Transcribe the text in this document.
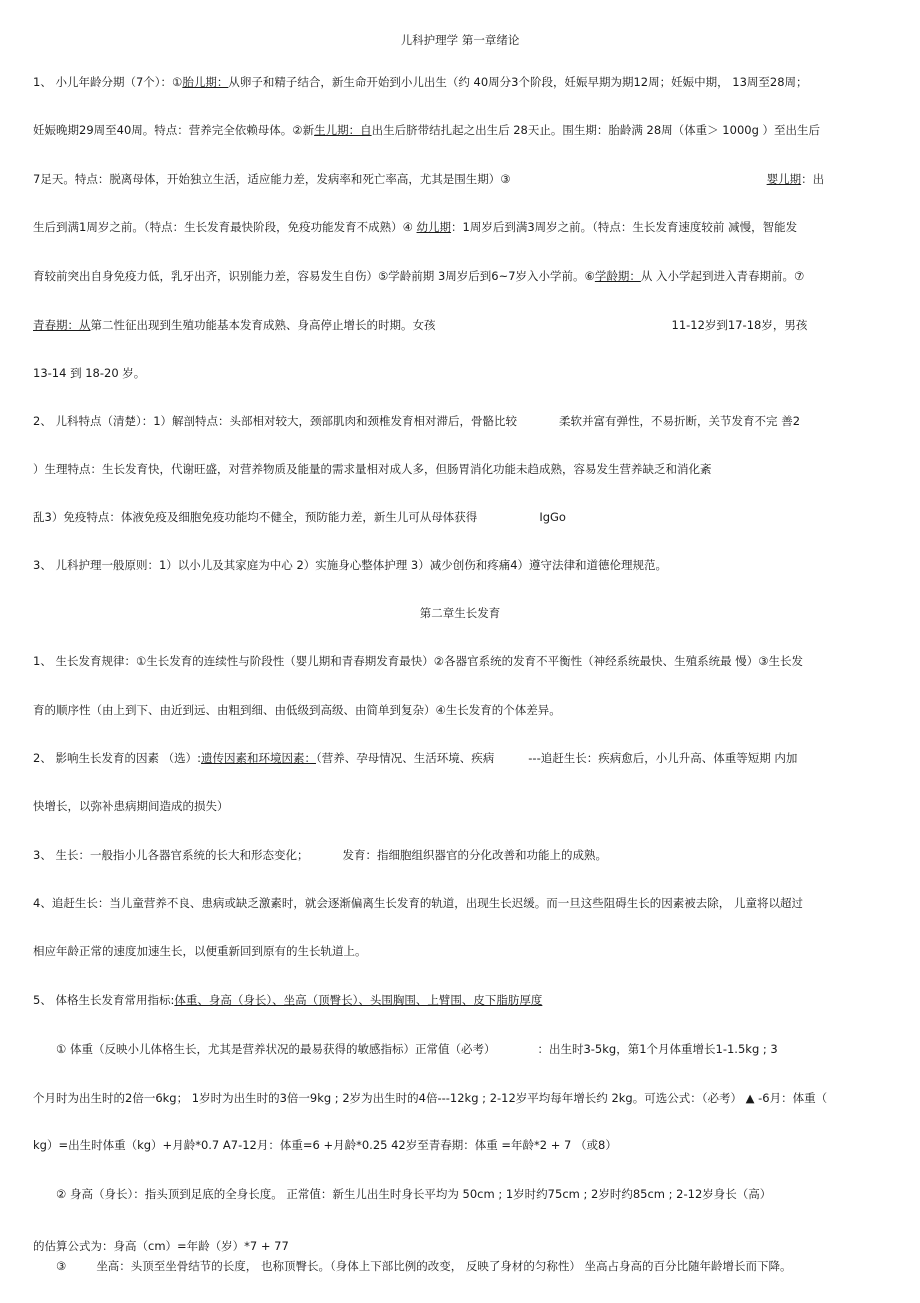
儿科护理学 第一章绪论
1、 小儿年龄分期（7个）：①胎儿期：从卵子和精子结合，新生命开始到小儿出生（约 40周分3个阶段，妊娠早期为期12周；妊娠中期， 13周至28周；
妊娠晚期29周至40周。特点：营养完全依赖母体。②新生儿期：自出生后脐带结扎起之出生后 28天止。围生期：胎龄满 28周（体重＞ 1000g ）至出生后
7足天。特点：脱离母体，开始独立生活，适应能力差，发病率和死亡率高，尤其是围生期）③	婴儿期：出
生后到满1周岁之前。（特点：生长发育最快阶段，免疫功能发育不成熟）④ 幼儿期：1周岁后到满3周岁之前。（特点：生长发育速度较前 减慢，智能发
育较前突出自身免疫力低，乳牙出齐，识别能力差，容易发生自伤）⑤学龄前期 3周岁后到6~7岁入小学前。⑥学龄期：从 入小学起到进入青春期前。⑦
青春期：从第二性征出现到生殖功能基本发育成熟、身高停止增长的时期。女孩	11-12岁到17-18岁，男孩
13-14 到 18-20 岁。
2、 儿科特点（清楚）：1）解剖特点：头部相对较大，颈部肌肉和颈椎发育相对滞后，骨骼比较	柔软并富有弹性，不易折断，关节发育不完 善2
）生理特点：生长发育快，代谢旺盛，对营养物质及能量的需求量相对成人多，但肠胃消化功能未趋成熟，容易发生营养缺乏和消化紊
乱3）免疫特点：体液免疫及细胞免疫功能均不健全，预防能力差，新生儿可从母体获得	IgGo
3、 儿科护理一般原则：1）以小儿及其家庭为中心 2）实施身心整体护理 3）减少创伤和疼痛4）遵守法律和道德伦理规范。
第二章生长发育
1、 生长发育规律：①生长发育的连续性与阶段性（婴儿期和青春期发育最快）②各器官系统的发育不平衡性（神经系统最快、生殖系统最 慢）③生长发
育的顺序性（由上到下、由近到远、由粗到细、由低级到高级、由简单到复杂）④生长发育的个体差异。
2、 影响生长发育的因素 （选）:遗传因素和环境因素：（营养、孕母情况、生活环境、疾病	---追赶生长：疾病愈后，小儿升高、体重等短期 内加
快增长，以弥补患病期间造成的损失）
3、 生长：一般指小儿各器官系统的长大和形态变化；	发育：指细胞组织器官的分化改善和功能上的成熟。
4、追赶生长：当儿童营养不良、患病或缺乏激素时，就会逐渐偏离生长发育的轨道，出现生长迟缓。而一旦这些阻碍生长的因素被去除， 儿童将以超过
相应年龄正常的速度加速生长，以便重新回到原有的生长轨道上。
5、 体格生长发育常用指标:体重、身高（身长）、坐高（顶臀长）、头围胸围、上臂围、皮下脂肪厚度
① 体重（反映小儿体格生长，尤其是营养状况的最易获得的敏感指标）正常值（必考）	：出生时3-5kg，第1个月体重增长1-1.5kg ; 3
个月时为出生时的2倍一6kg； 1岁时为出生时的3倍一9kg ; 2岁为出生时的4倍---12kg ; 2-12岁平均每年增长约 2kg。可选公式：（必考） ▲ -6月：体重（
kg）=出生时体重（kg）+月龄*0.7 A7-12月：体重=6 +月龄*0.25 42岁至青春期：体重 =年龄*2 + 7 （或8）
② 身高（身长）：指头顶到足底的全身长度。 正常值：新生儿出生时身长平均为 50cm ; 1岁时约75cm ; 2岁时约85cm ; 2-12岁身长（高）
的估算公式为：身高（cm）=年龄（岁）*7 + 77
③	坐高：头顶至坐骨结节的长度， 也称顶臀长。（身体上下部比例的改变， 反映了身材的匀称性） 坐高占身高的百分比随年龄增长而下降。
